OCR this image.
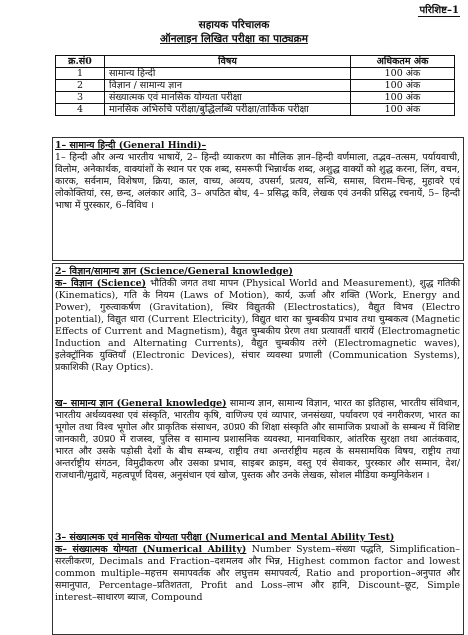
परिशिष्ट–1
सहायक परिचालक
ऑनलाइन लिखित परीक्षा का पाठ्यक्रम
क्र.सं0	विषय	अधिकतम अंक
1	सामान्य हिन्दी	100 अंक
2	विज्ञान / सामान्य ज्ञान	100 अंक
3	संख्यात्मक एवं मानसिक योग्यता परीक्षा	100 अंक
4	मानसिक अभिरुचि परीक्षा/बुद्धिलब्धि परीक्षा/तार्किक परीक्षा	100 अंक
1– सामान्य हिन्दी (General Hindi)–
1– हिन्दी और अन्य भारतीय भाषायें, 2– हिन्दी व्याकरण का मौलिक ज्ञान–हिन्दी वर्णमाला, तद्भव–तत्सम, पर्यायवाची, विलोम, अनेकार्थक, वाक्यांशों के स्थान पर एक शब्द, समरूपी भिन्नार्थक शब्द, अशुद्ध वाक्यों को शुद्ध करना, लिंग, वचन, कारक, सर्वनाम, विशेषण, क्रिया, काल, वाच्य, अव्यय, उपसर्ग, प्रत्यय, सन्धि, समास, विराम–चिन्ह, मुहावरे एवं लोकोक्तियां, रस, छन्द, अलंकार आदि, 3– अपठित बोध, 4– प्रसिद्ध कवि, लेखक एवं उनकी प्रसिद्ध रचनायें, 5– हिन्दी भाषा में पुरस्कार, 6–विविध ।
2– विज्ञान/सामान्य ज्ञान (Science/General knowledge)
क– विज्ञान (Science) भौतिकी जगत तथा मापन (Physical World and Measurement), शुद्ध गतिकी (Kinematics), गति के नियम (Laws of Motion), कार्य, ऊर्जा और शक्ति (Work, Energy and Power), गुरुत्वाकर्षण (Gravitation), स्थिर विद्युतकी (Electrostatics), वैद्युत विभव (Electro potential), विद्युत धारा (Current Electricity), विद्युत धारा का चुम्बकीय प्रभाव तथा चुम्बकत्व (Magnetic Effects of Current and Magnetism), वैद्युत चुम्बकीय प्रेरण तथा प्रत्यावर्ती धारायें (Electromagnetic Induction and Alternating Currents), वैद्युत चुम्बकीय तरंगे (Electromagnetic waves), इलेक्ट्रॉनिक युक्तियाँ (Electronic Devices), संचार व्यवस्था प्रणाली (Communication Systems), प्रकाशिकी (Ray Optics).
ख– सामान्य ज्ञान (General knowledge) सामान्य ज्ञान, सामान्य विज्ञान, भारत का इतिहास, भारतीय संविधान, भारतीय अर्थव्यवस्था एवं संस्कृति, भारतीय कृषि, वाणिज्य एवं व्यापार, जनसंख्या, पर्यावरण एवं नगरीकरण, भारत का भूगोल तथा विश्व भूगोल और प्राकृतिक संसाधन, उ0प्र0 की शिक्षा संस्कृति और सामाजिक प्रथाओं के सम्बन्ध में विशिष्ट जानकारी, उ0प्र0 में राजस्व, पुलिस व सामान्य प्रशासनिक व्यवस्था, मानवाधिकार, आंतरिक सुरक्षा तथा आतंकवाद, भारत और उसके पड़ोसी देशों के बीच सम्बन्ध, राष्ट्रीय तथा अन्तर्राष्ट्रीय महत्व के समसामयिक विषय, राष्ट्रीय तथा अन्तर्राष्ट्रीय संगठन, विमुद्रीकरण और उसका प्रभाव, साइबर क्राइम, वस्तु एवं सेवाकर, पुरस्कार और सम्मान, देश/राजधानी/मुद्रायें, महत्वपूर्ण दिवस, अनुसंधान एवं खोज, पुस्तक और उनके लेखक, सोशल मीडिया कम्युनिकेशन ।
3– संख्यात्मक एवं मानसिक योग्यता परीक्षा (Numerical and Mental Ability Test)
क– संख्यात्मक योग्यता (Numerical Ability) Number System–संख्या पद्धति, Simplification–सरलीकरण, Decimals and Fraction–दशमलव और भिन्न, Highest common factor and lowest common multiple–महत्तम समापवर्तक और लघुत्तम समापवर्त्य, Ratio and proportion–अनुपात और समानुपात, Percentage–प्रतिशतता, Profit and Loss–लाभ और हानि, Discount–छूट, Simple interest–साधारण ब्याज, Compound
